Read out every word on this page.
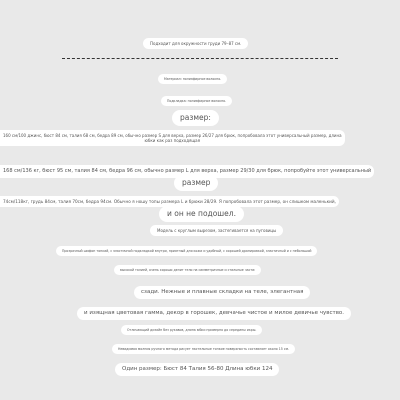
Подходит для окружности груди 79–87 см.
Материал: полиэфирное волокно.
Подкладка: полиэфирное волокно.
размер:
160 см/100 джинс, бюст 84 см, талия 68 см, бедра 89 см, обычно размер S для верха, размер 26/27 для брюк, попробовала этот универсальный размер, длина
юбки как раз подходящая
168 см/136 кг, бюст 95 см, талия 84 см, бедра 96 см, обычно размер L для верха, размер 29/30 для брюк, попробуйте этот универсальный
размер
74см/118кг, грудь 84см, талия 70см, бедра 94см. Обычно я ношу топы размера L и брюки 28/29. Я попробовала этот размер, он слишком маленький,
и он не подошел.
Модель с круглым вырезом, застегивается на пуговицы
Прозрачный шифон тонкий, с эластичной подкладкой внутри, приятный для кожи и удобный, с хорошей драпировкой, эластичный и с небольшой
высокой талией, очень хорошо делит тело на симметричные и стильные части:
сзади. Нежные и плавные складки на теле, элегантная
и изящная цветовая гамма, декор в горошек, девчачье чистое и милое девичье чувство.
Отличающий дизайн без рукавов, длина юбки примерно до середины икры.
Невидимая молния ручного метода рисует пастельные тонкие поверхность составляет около 15 см.
Один размер: Бюст 84 Талия 56-80 Длина юбки 124
